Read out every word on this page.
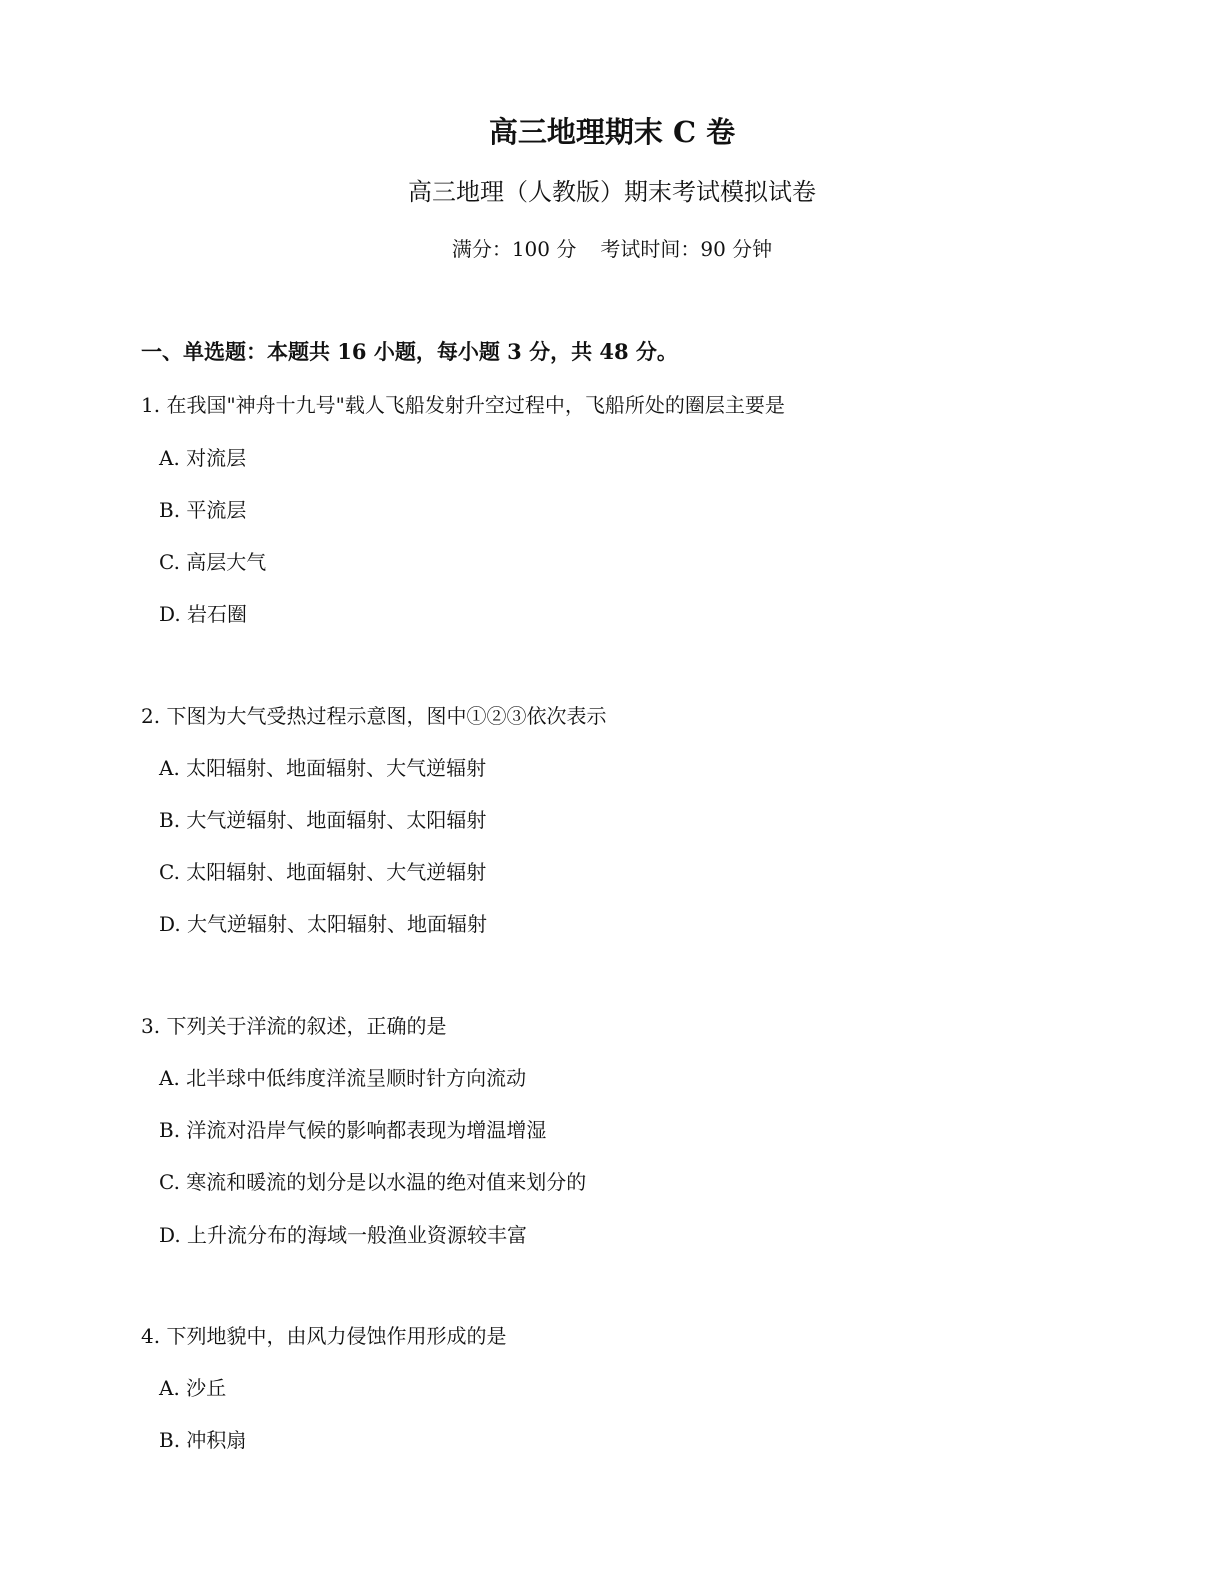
高三地理期末 C 卷
高三地理（人教版）期末考试模拟试卷
满分：100 分 考试时间：90 分钟
一、单选题：本题共 16 小题，每小题 3 分，共 48 分。
1. 在我国"神舟十九号"载人飞船发射升空过程中，飞船所处的圈层主要是
A. 对流层
B. 平流层
C. 高层大气
D. 岩石圈
2. 下图为大气受热过程示意图，图中①②③依次表示
A. 太阳辐射、地面辐射、大气逆辐射
B. 大气逆辐射、地面辐射、太阳辐射
C. 太阳辐射、地面辐射、大气逆辐射
D. 大气逆辐射、太阳辐射、地面辐射
3. 下列关于洋流的叙述，正确的是
A. 北半球中低纬度洋流呈顺时针方向流动
B. 洋流对沿岸气候的影响都表现为增温增湿
C. 寒流和暖流的划分是以水温的绝对值来划分的
D. 上升流分布的海域一般渔业资源较丰富
4. 下列地貌中，由风力侵蚀作用形成的是
A. 沙丘
B. 冲积扇
